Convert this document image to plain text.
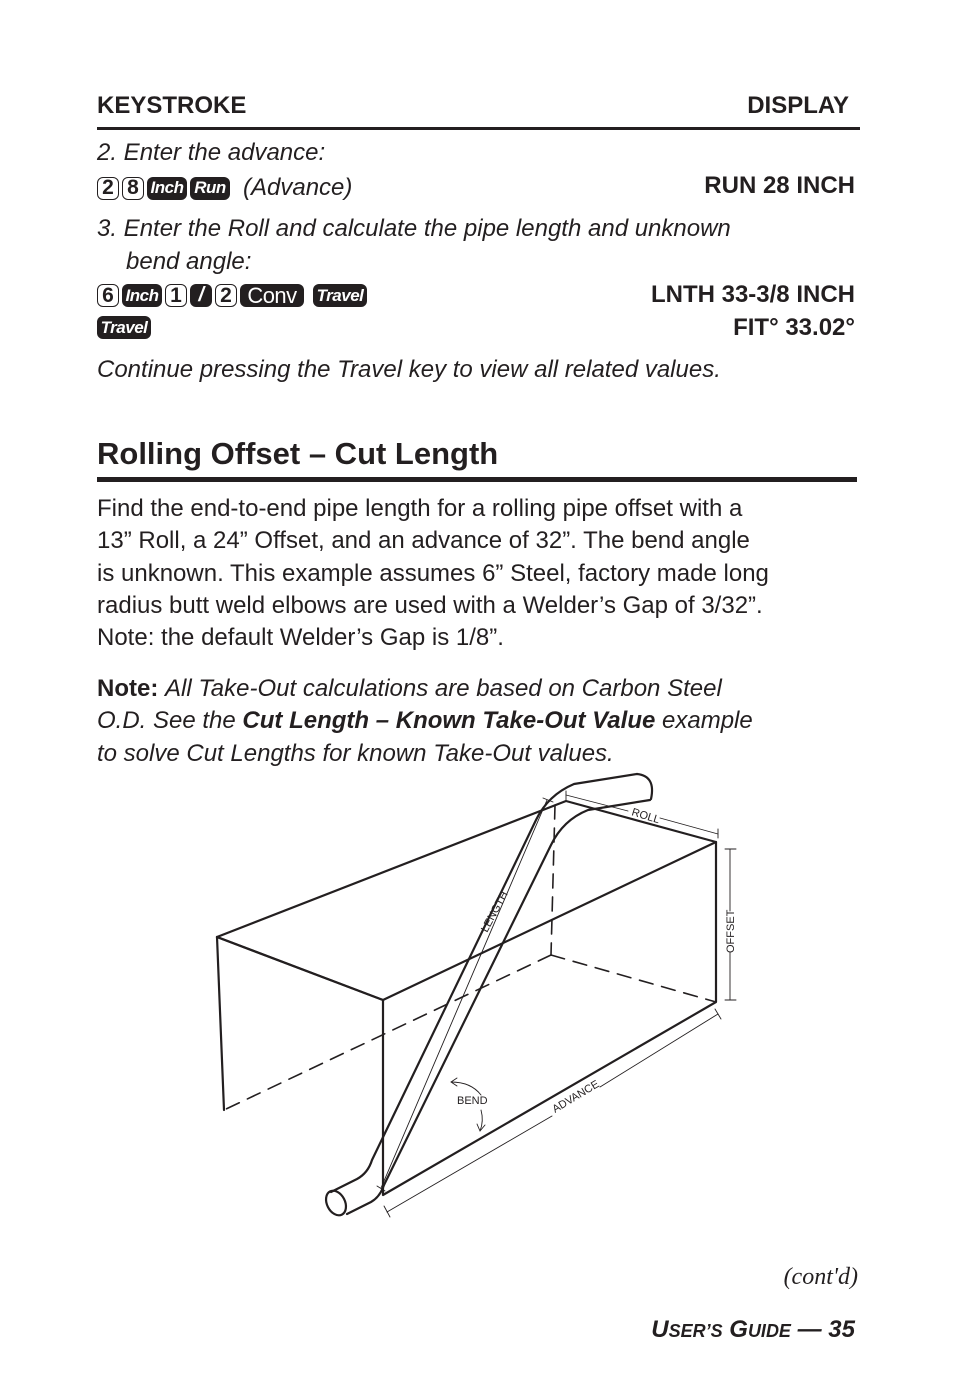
KEYSTROKE	DISPLAY
2. Enter the advance:
2 8 Inch Run (Advance)	RUN 28 INCH
3. Enter the Roll and calculate the pipe length and unknown
bend angle:
6 Inch 1 / 2 Conv	Travel	LNTH 33-3/8 INCH
Travel	FIT° 33.02°
Continue pressing the Travel key to view all related values.
Rolling Offset – Cut Length
Find the end-to-end pipe length for a rolling pipe offset with a
13” Roll, a 24” Offset, and an advance of 32”. The bend angle
is unknown. This example assumes 6” Steel, factory made long
radius butt weld elbows are used with a Welder’s Gap of 3/32”.
Note: the default Welder’s Gap is 1/8”.
Note: All Take-Out calculations are based on Carbon Steel
O.D. See the Cut Length – Known Take-Out Value example
to solve Cut Lengths for known Take-Out values.
ROLL
LENGTH	OFFSET
BEND	ADVANCE
(cont'd)
USER’S GUIDE — 35
